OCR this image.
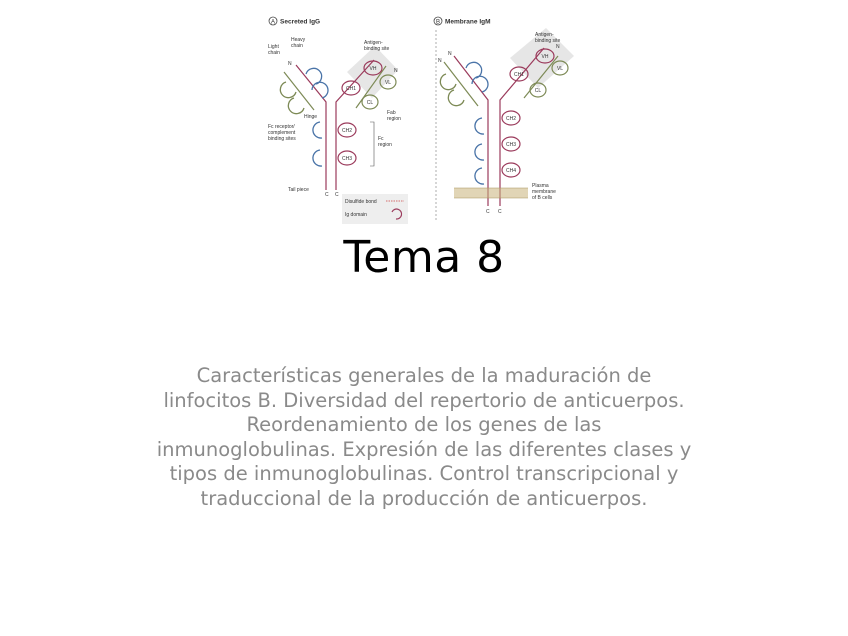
A Secreted IgG	B Membrane IgM
VH
VL
CH1
CL
CH2
CH3
Heavy
chain
Light
chain
Antigen-
binding site
N
N
Hinge
Fc receptor/
complement
binding sites
Fab
region
Fc
region
Tail piece
C C
Disulfide bond
Ig domain
VH
VL
CH1
CL
CH2
CH3
CH4
Antigen-
binding site
N
N
N
Plasma
membrane
of B cells
C C
Tema 8
Características generales de la maduración de
linfocitos B. Diversidad del repertorio de anticuerpos.
Reordenamiento de los genes de las
inmunoglobulinas. Expresión de las diferentes clases y
tipos de inmunoglobulinas. Control transcripcional y
traduccional de la producción de anticuerpos.
